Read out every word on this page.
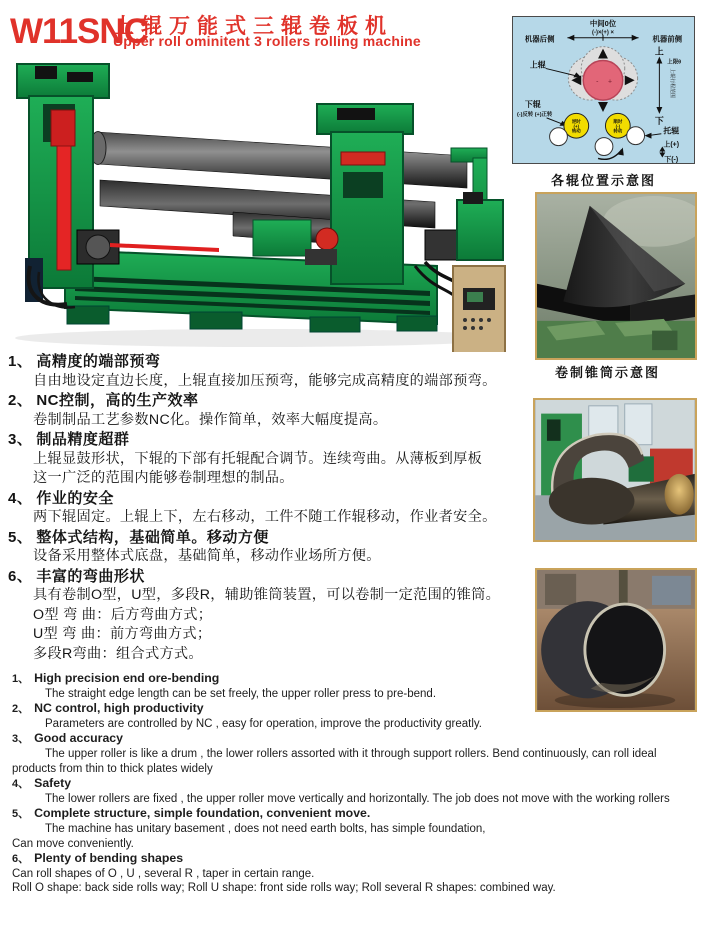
W11SNC
上辊万能式三辊卷板机
Upper roll ominitent 3 rollers rolling machine
中间0位
(-)×(+) ×
机器后侧	机器前侧
- +
上辊
上
上限θ
上辊行程范围
下
下辊
(-)反转 (+)正转
逆时
(+)
转动
顺时
(-)
转动	托辊
上(+)
下(-)
各辊位置示意图
卷制锥筒示意图
1、 高精度的端部预弯
自由地设定直边长度，上辊直接加压预弯，能够完成高精度的端部预弯。
2、 NC控制，高的生产效率
卷制制品工艺参数NC化。操作简单，效率大幅度提高。
3、 制品精度超群
上辊显鼓形状，下辊的下部有托辊配合调节。连续弯曲。从薄板到厚板
这一广泛的范围内能够卷制理想的制品。
4、 作业的安全
两下辊固定。上辊上下，左右移动，工件不随工作辊移动，作业者安全。
5、 整体式结构，基础简单。移动方便
设备采用整体式底盘，基础简单，移动作业场所方便。
6、 丰富的弯曲形状
具有卷制O型，U型，多段R，辅助锥筒装置，可以卷制一定范围的锥筒。
O型 弯 曲：后方弯曲方式；
U型 弯 曲：前方弯曲方式；
多段R弯曲：组合式方式。
1、 High precision end ore-bending
The straight edge length can be set freely, the upper roller press to pre-bend.
2、 NC control, high productivity
Parameters are controlled by NC , easy for operation, improve the productivity greatly.
3、 Good accuracy
The upper roller is like a drum , the lower rollers assorted with it through support rollers. Bend continuously, can roll ideal
products from thin to thick plates widely
4、 Safety
The lower rollers are fixed , the upper roller move vertically and horizontally. The job does not move with the working rollers
5、 Complete structure, simple foundation, convenient move.
The machine has unitary basement , does not need earth bolts, has simple foundation,
Can move conveniently.
6、 Plenty of bending shapes
Can roll shapes of O , U , several R , taper in certain range.
Roll O shape: back side rolls way; Roll U shape: front side rolls way; Roll several R shapes: combined way.
